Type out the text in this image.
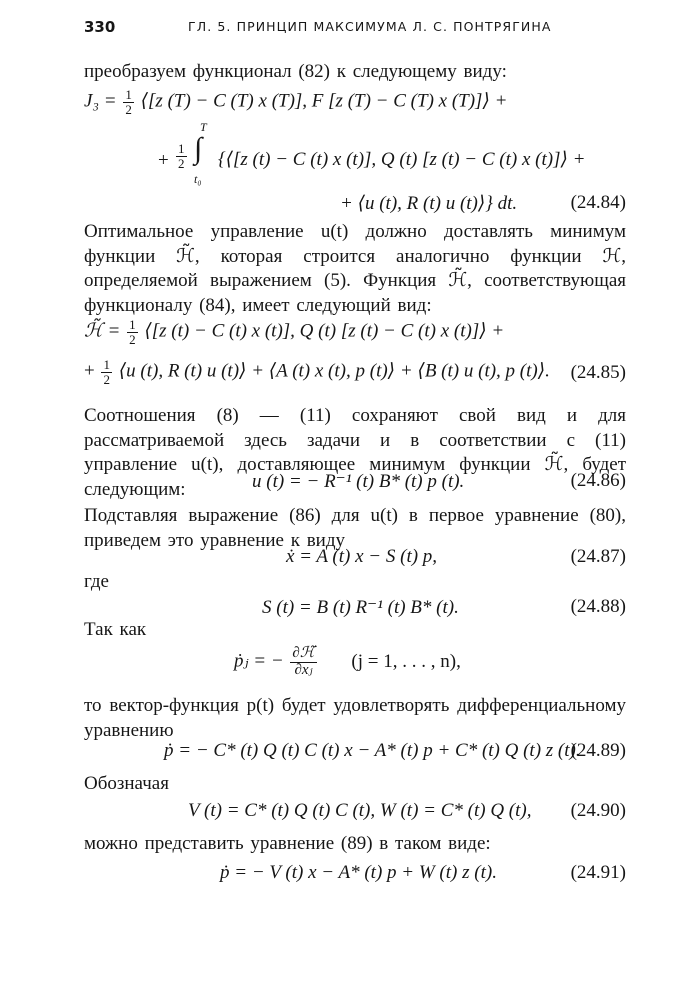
330	ГЛ. 5. ПРИНЦИП МАКСИМУМА Л. С. ПОНТРЯГИНА
преобразуем функционал (82) к следующему виду:
$J_3 = \frac{1}{2}$ ⟨[z (T) − C (T) x (T)], F [z (T) − C (T) x (T)]⟩ +
+ $\frac{1}{2}$
T
∫
t₀
{⟨[z (t) − C (t) x (t)], Q (t) [z (t) − C (t) x (t)]⟩ +
+ ⟨u (t), R (t) u (t)⟩} dt.	(24.84)
Оптимальное управление u(t) должно доставлять минимум функции ℋ̃, которая строится аналогично функции ℋ, определяемой выражением (5). Функция ℋ̃, соответствующая функционалу (84), имеет следующий вид:
ℋ̃ = $\frac{1}{2}$ ⟨[z (t) − C (t) x (t)], Q (t) [z (t) − C (t) x (t)]⟩ +
+ $\frac{1}{2}$ ⟨u (t), R (t) u (t)⟩ + ⟨A (t) x (t), p (t)⟩ + ⟨B (t) u (t), p (t)⟩. (24.85)
Соотношения (8) — (11) сохраняют свой вид и для рассматриваемой здесь задачи и в соответствии с (11) управление u(t), доставляющее минимум функции ℋ̃, будет следующим:	u (t) = − R⁻¹ (t) B* (t) p (t).	(24.86)
Подставляя выражение (86) для u(t) в первое уравнение (80), приведем это уравнение к виду
ẋ = A (t) x − S (t) p,	(24.87)
где
S (t) = B (t) R⁻¹ (t) B* (t).	(24.88)
Так как
ṗⱼ = − $\frac{\text{∂ℋ̃}}{\text{∂xⱼ}} (j = 1$, . . . , n),
то вектор-функция p(t) будет удовлетворять дифференциальному уравнению
ṗ = − C* (t) Q (t) C (t) x − A* (t) p + C* (t) Q (t) z (t).
(24.89)
Обозначая
V (t) = C* (t) Q (t) C (t), W (t) = C* (t) Q (t), (24.90)
можно представить уравнение (89) в таком виде:
ṗ = − V (t) x − A* (t) p + W (t) z (t).	(24.91)
